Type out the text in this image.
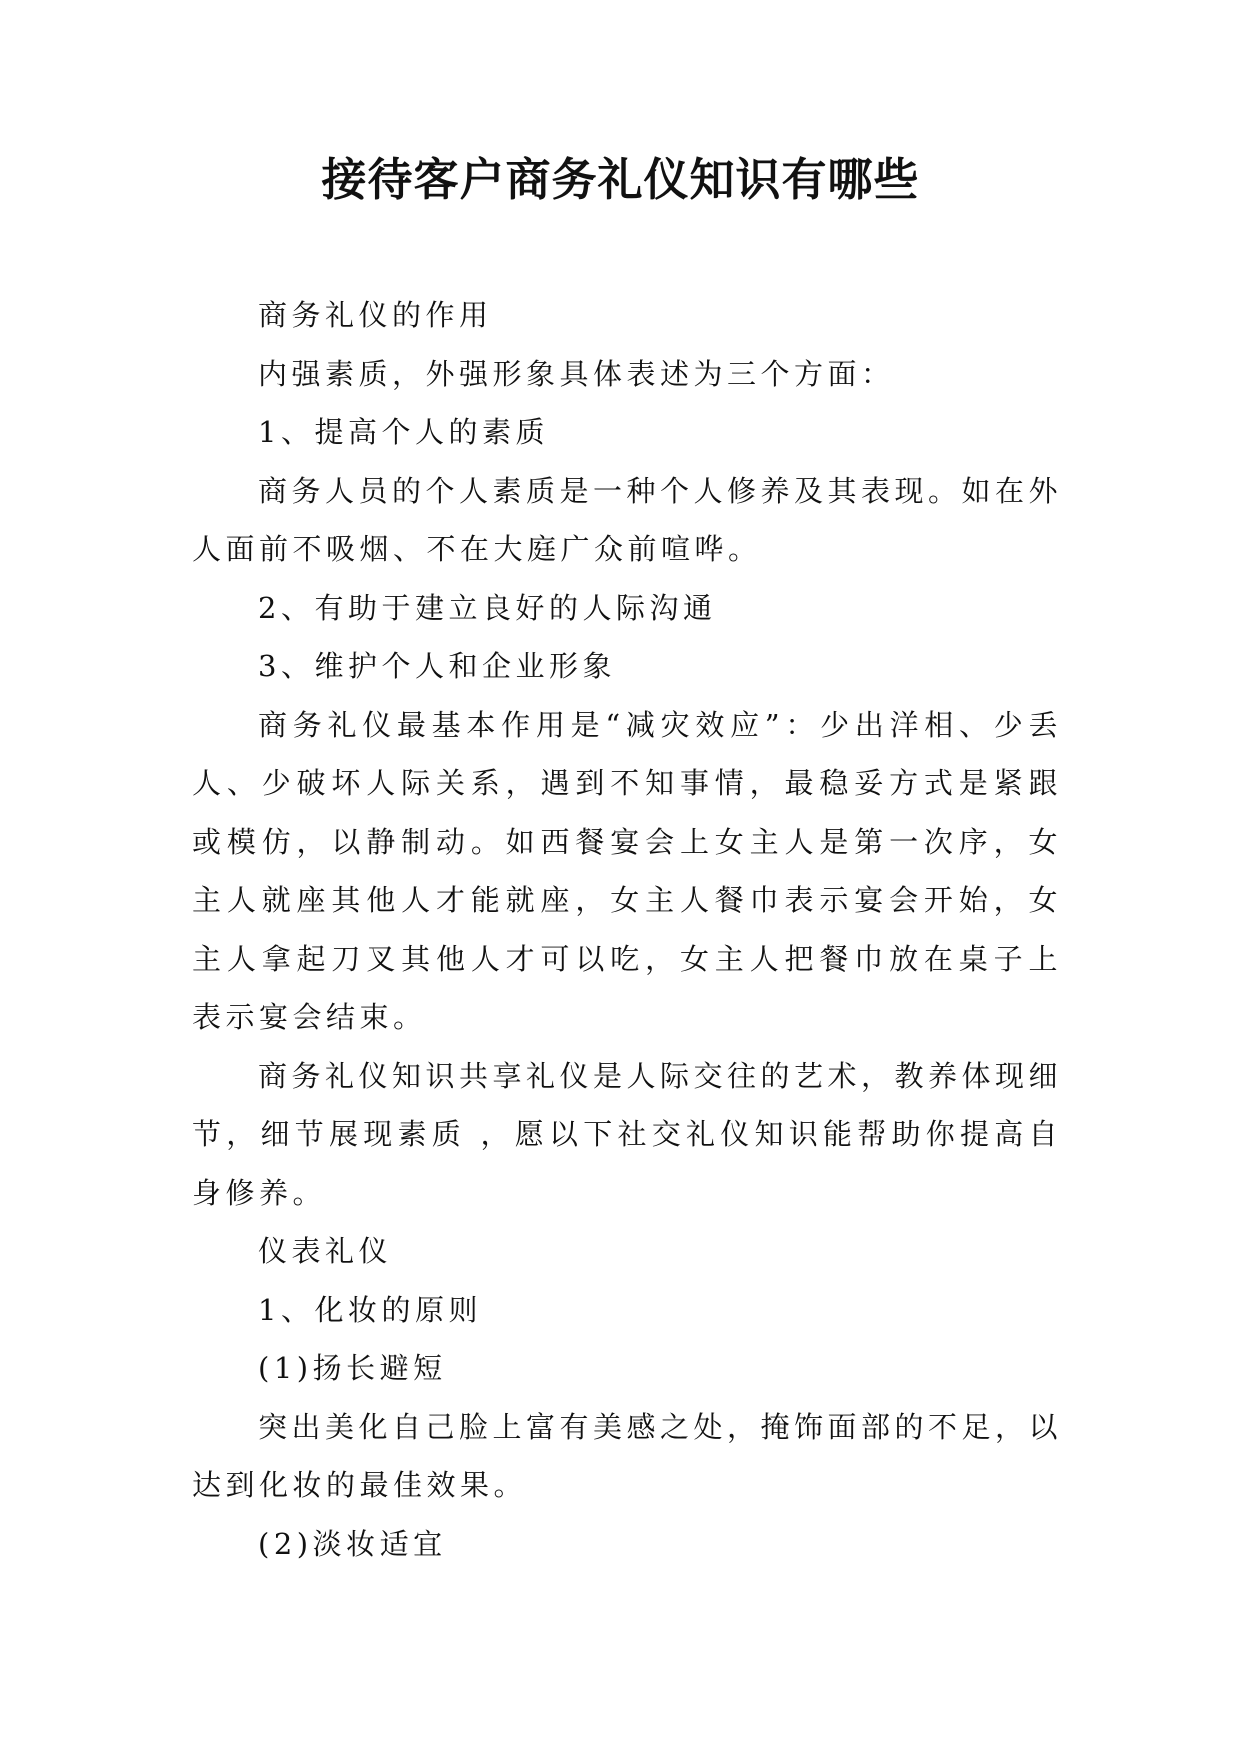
接待客户商务礼仪知识有哪些

商务礼仪的作用

内强素质，外强形象具体表述为三个方面：

1、提高个人的素质

商务人员的个人素质是一种个人修养及其表现。如在外人面前不吸烟、不在大庭广众前喧哗。

2、有助于建立良好的人际沟通

3、维护个人和企业形象

商务礼仪最基本作用是“减灾效应”：少出洋相、少丢人、少破坏人际关系，遇到不知事情，最稳妥方式是紧跟或模仿，以静制动。如西餐宴会上女主人是第一次序，女主人就座其他人才能就座，女主人餐巾表示宴会开始，女主人拿起刀叉其他人才可以吃，女主人把餐巾放在桌子上表示宴会结束。

商务礼仪知识共享礼仪是人际交往的艺术，教养体现细节，细节展现素质 ，愿以下社交礼仪知识能帮助你提高自身修养。

仪表礼仪

1、化妆的原则

(1)扬长避短

突出美化自己脸上富有美感之处，掩饰面部的不足，以达到化妆的最佳效果。

(2)淡妆适宜
